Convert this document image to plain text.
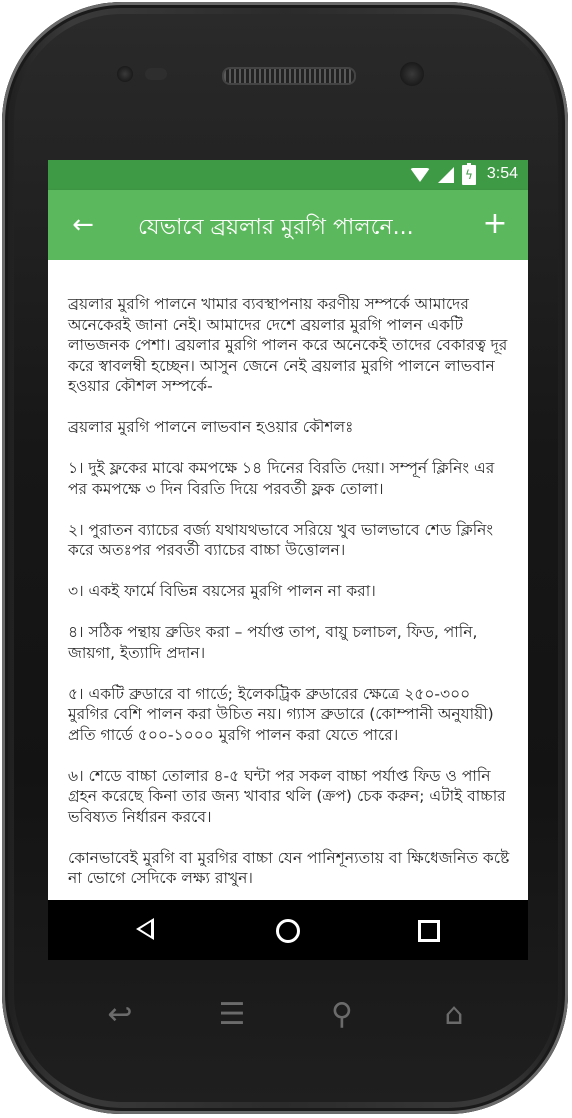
ϟ 3:54
←	যেভাবে ব্রয়লার মুরগি পালনে...	+

ব্রয়লার মুরগি পালনে খামার ব্যবস্থাপনায় করণীয় সম্পর্কে আমাদের অনেকেরই জানা নেই। আমাদের দেশে ব্রয়লার মুরগি পালন একটি লাভজনক পেশা। ব্রয়লার মুরগি পালন করে অনেকেই তাদের বেকারত্ব দূর করে স্বাবলম্বী হচ্ছেন। আসুন জেনে নেই ব্রয়লার মুরগি পালনে লাভবান হওয়ার কৌশল সম্পর্কে-

ব্রয়লার মুরগি পালনে লাভবান হওয়ার কৌশলঃ

১। দুই ফ্লকের মাঝে কমপক্ষে ১৪ দিনের বিরতি দেয়া। সম্পূর্ন ক্লিনিং এর পর কমপক্ষে ৩ দিন বিরতি দিয়ে পরবর্তী ফ্লক তোলা।

২। পুরাতন ব্যাচের বর্জ্য যথাযথভাবে সরিয়ে খুব ভালভাবে শেড ক্লিনিং করে অতঃপর পরবর্তী ব্যাচের বাচ্চা উত্তোলন।

৩। একই ফার্মে বিভিন্ন বয়সের মুরগি পালন না করা।

৪। সঠিক পন্থায় ব্রুডিং করা – পর্যাপ্ত তাপ, বায়ু চলাচল, ফিড, পানি, জায়গা, ইত্যাদি প্রদান।

৫। একটি ব্রুডারে বা গার্ডে; ইলেকট্রিক ব্রুডারের ক্ষেত্রে ২৫০-৩০০ মুরগির বেশি পালন করা উচিত নয়। গ্যাস ব্রুডারে (কোম্পানী অনুযায়ী) প্রতি গার্ডে ৫০০-১০০০ মুরগি পালন করা যেতে পারে।

৬। শেডে বাচ্চা তোলার ৪-৫ ঘন্টা পর সকল বাচ্চা পর্যাপ্ত ফিড ও পানি গ্রহন করেছে কিনা তার জন্য খাবার থলি (ক্রপ) চেক করুন; এটাই বাচ্চার ভবিষ্যত নির্ধারন করবে।

কোনভাবেই মুরগি বা মুরগির বাচ্চা যেন পানিশূন্যতায় বা ক্ষিধেজনিত কষ্টে না ভোগে সেদিকে লক্ষ্য রাখুন।

↩	☰	⚲	⌂
